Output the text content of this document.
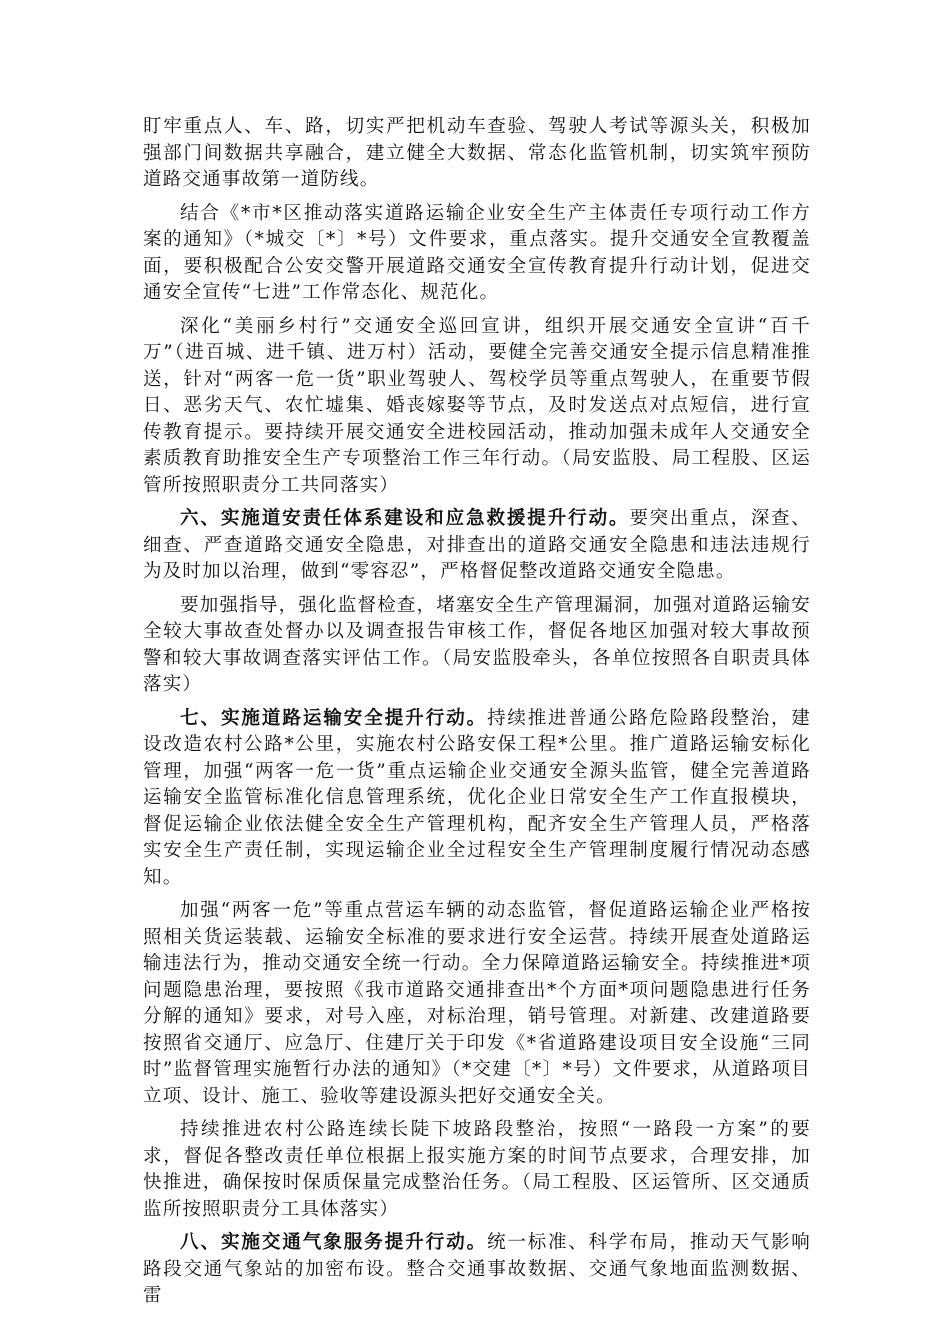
盯牢重点人、车、路，切实严把机动车查验、驾驶人考试等源头关，积极加强部门间数据共享融合，建立健全大数据、常态化监管机制，切实筑牢预防道路交通事故第一道防线。

结合《*市*区推动落实道路运输企业安全生产主体责任专项行动工作方案的通知》（*城交〔*〕*号）文件要求，重点落实。提升交通安全宣教覆盖面，要积极配合公安交警开展道路交通安全宣传教育提升行动计划，促进交通安全宣传“七进”工作常态化、规范化。

深化“美丽乡村行”交通安全巡回宣讲，组织开展交通安全宣讲“百千万”（进百城、进千镇、进万村）活动，要健全完善交通安全提示信息精准推送，针对“两客一危一货”职业驾驶人、驾校学员等重点驾驶人，在重要节假日、恶劣天气、农忙墟集、婚丧嫁娶等节点，及时发送点对点短信，进行宣传教育提示。要持续开展交通安全进校园活动，推动加强未成年人交通安全素质教育助推安全生产专项整治工作三年行动。（局安监股、局工程股、区运管所按照职责分工共同落实）

六、实施道安责任体系建设和应急救援提升行动。要突出重点，深查、细查、严查道路交通安全隐患，对排查出的道路交通安全隐患和违法违规行为及时加以治理，做到“零容忍”，严格督促整改道路交通安全隐患。

要加强指导，强化监督检查，堵塞安全生产管理漏洞，加强对道路运输安全较大事故查处督办以及调查报告审核工作，督促各地区加强对较大事故预警和较大事故调查落实评估工作。（局安监股牵头，各单位按照各自职责具体落实）

七、实施道路运输安全提升行动。持续推进普通公路危险路段整治，建设改造农村公路*公里，实施农村公路安保工程*公里。推广道路运输安标化管理，加强“两客一危一货”重点运输企业交通安全源头监管，健全完善道路运输安全监管标准化信息管理系统，优化企业日常安全生产工作直报模块，督促运输企业依法健全安全生产管理机构，配齐安全生产管理人员，严格落实安全生产责任制，实现运输企业全过程安全生产管理制度履行情况动态感知。

加强“两客一危”等重点营运车辆的动态监管，督促道路运输企业严格按照相关货运装载、运输安全标准的要求进行安全运营。持续开展查处道路运输违法行为，推动交通安全统一行动。全力保障道路运输安全。持续推进*项问题隐患治理，要按照《我市道路交通排查出*个方面*项问题隐患进行任务分解的通知》要求，对号入座，对标治理，销号管理。对新建、改建道路要按照省交通厅、应急厅、住建厅关于印发《*省道路建设项目安全设施“三同时”监督管理实施暂行办法的通知》（*交建〔*〕*号）文件要求，从道路项目立项、设计、施工、验收等建设源头把好交通安全关。

持续推进农村公路连续长陡下坡路段整治，按照“一路段一方案”的要求，督促各整改责任单位根据上报实施方案的时间节点要求，合理安排，加快推进，确保按时保质保量完成整治任务。（局工程股、区运管所、区交通质监所按照职责分工具体落实）

八、实施交通气象服务提升行动。统一标准、科学布局，推动天气影响路段交通气象站的加密布设。整合交通事故数据、交通气象地面监测数据、雷
